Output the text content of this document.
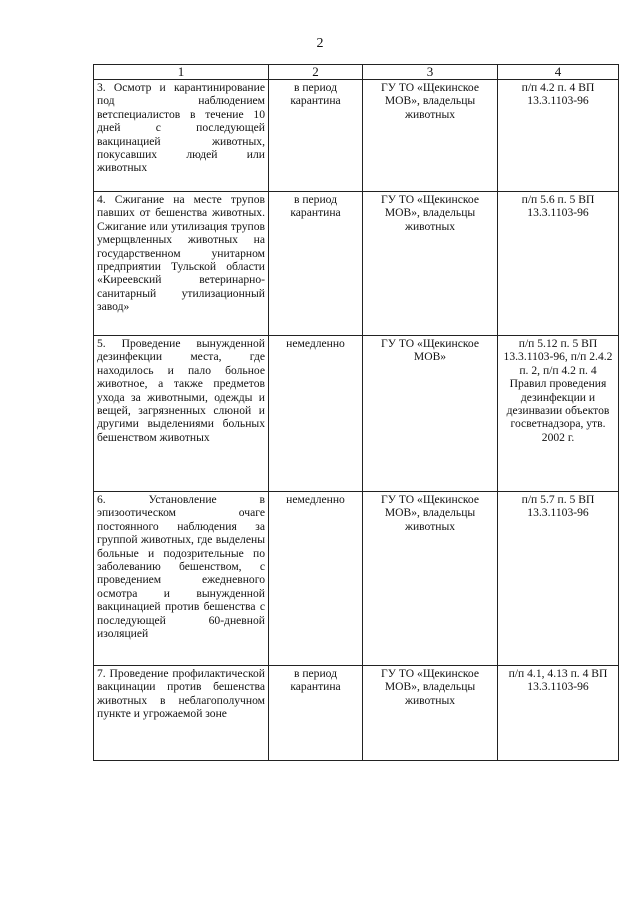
2
1	2	3	4
3. Осмотр и карантинирование под наблюдением ветспециалистов в течение 10 дней с последующей вакцинацией животных, покусавших людей или животных	в период карантина	ГУ ТО «Щекинское МОВ», владельцы животных	п/п 4.2 п. 4 ВП 13.3.1103-96
4. Сжигание на месте трупов павших от бешенства животных. Сжигание или утилизация трупов умерщвленных животных на государственном унитарном предприятии Тульской области «Киреевский ветеринарно-санитарный утилизационный завод»	в период карантина	ГУ ТО «Щекинское МОВ», владельцы животных	п/п 5.6 п. 5 ВП 13.3.1103-96
5. Проведение вынужденной дезинфекции места, где находилось и пало больное животное, а также предметов ухода за животными, одежды и вещей, загрязненных слюной и другими выделениями больных бешенством животных	немедленно	ГУ ТО «Щекинское МОВ»	п/п 5.12 п. 5 ВП 13.3.1103-96, п/п 2.4.2 п. 2, п/п 4.2 п. 4 Правил проведения дезинфекции и дезинвазии объектов госветнадзора, утв. 2002 г.
6. Установление в эпизоотическом очаге постоянного наблюдения за группой животных, где выделены больные и подозрительные по заболеванию бешенством, с проведением ежедневного осмотра и вынужденной вакцинацией против бешенства с последующей 60-дневной изоляцией	немедленно	ГУ ТО «Щекинское МОВ», владельцы животных	п/п 5.7 п. 5 ВП 13.3.1103-96
7. Проведение профилактической вакцинации против бешенства животных в неблагополучном пункте и угрожаемой зоне	в период карантина	ГУ ТО «Щекинское МОВ», владельцы животных	п/п 4.1, 4.13 п. 4 ВП 13.3.1103-96
